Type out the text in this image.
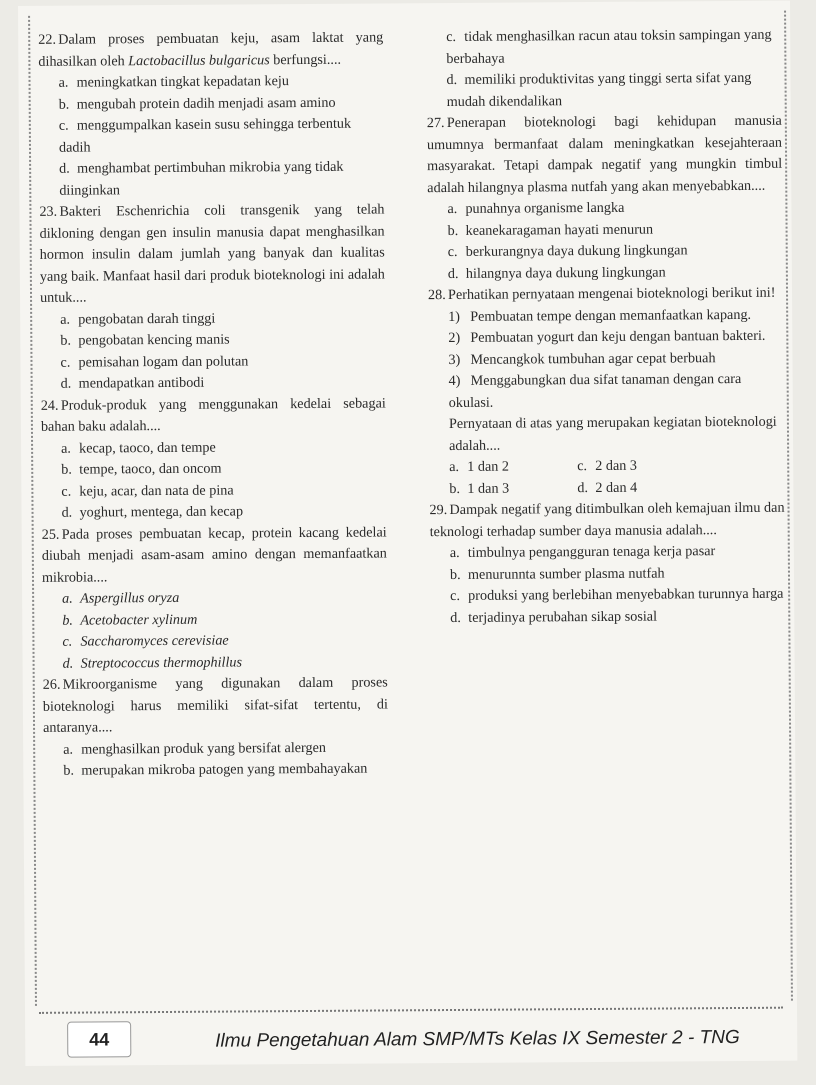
22. Dalam proses pembuatan keju, asam laktat yang dihasilkan oleh Lactobacillus bulgaricus berfungsi....
a. meningkatkan tingkat kepadatan keju
b. mengubah protein dadih menjadi asam amino
c. menggumpalkan kasein susu sehingga terbentuk dadih
d. menghambat pertimbuhan mikrobia yang tidak diinginkan
23. Bakteri Eschenrichia coli transgenik yang telah dikloning dengan gen insulin manusia dapat menghasilkan hormon insulin dalam jumlah yang banyak dan kualitas yang baik. Manfaat hasil dari produk bioteknologi ini adalah untuk....
a. pengobatan darah tinggi
b. pengobatan kencing manis
c. pemisahan logam dan polutan
d. mendapatkan antibodi
24. Produk-produk yang menggunakan kedelai sebagai bahan baku adalah....
a. kecap, taoco, dan tempe
b. tempe, taoco, dan oncom
c. keju, acar, dan nata de pina
d. yoghurt, mentega, dan kecap
25. Pada proses pembuatan kecap, protein kacang kedelai diubah menjadi asam-asam amino dengan memanfaatkan mikrobia....
a. Aspergillus oryza
b. Acetobacter xylinum
c. Saccharomyces cerevisiae
d. Streptococcus thermophillus
26. Mikroorganisme yang digunakan dalam proses bioteknologi harus memiliki sifat-sifat tertentu, di antaranya....
a. menghasilkan produk yang bersifat alergen
b. merupakan mikroba patogen yang membahayakan
c. tidak menghasilkan racun atau toksin sampingan yang berbahaya
d. memiliki produktivitas yang tinggi serta sifat yang mudah dikendalikan
27. Penerapan bioteknologi bagi kehidupan manusia umumnya bermanfaat dalam meningkatkan kesejahteraan masyarakat. Tetapi dampak negatif yang mungkin timbul adalah hilangnya plasma nutfah yang akan menyebabkan....
a. punahnya organisme langka
b. keanekaragaman hayati menurun
c. berkurangnya daya dukung lingkungan
d. hilangnya daya dukung lingkungan
28. Perhatikan pernyataan mengenai bioteknologi berikut ini!
1) Pembuatan tempe dengan memanfaatkan kapang.
2) Pembuatan yogurt dan keju dengan bantuan bakteri.
3) Mencangkok tumbuhan agar cepat berbuah
4) Menggabungkan dua sifat tanaman dengan cara okulasi.
Pernyataan di atas yang merupakan kegiatan bioteknologi adalah....
a. 1 dan 2	c. 2 dan 3
b. 1 dan 3	d. 2 dan 4
29. Dampak negatif yang ditimbulkan oleh kemajuan ilmu dan teknologi terhadap sumber daya manusia adalah....
a. timbulnya pengangguran tenaga kerja pasar
b. menurunnta sumber plasma nutfah
c. produksi yang berlebihan menyebabkan turunnya harga
d. terjadinya perubahan sikap sosial
44	Ilmu Pengetahuan Alam SMP/MTs Kelas IX Semester 2 - TNG
